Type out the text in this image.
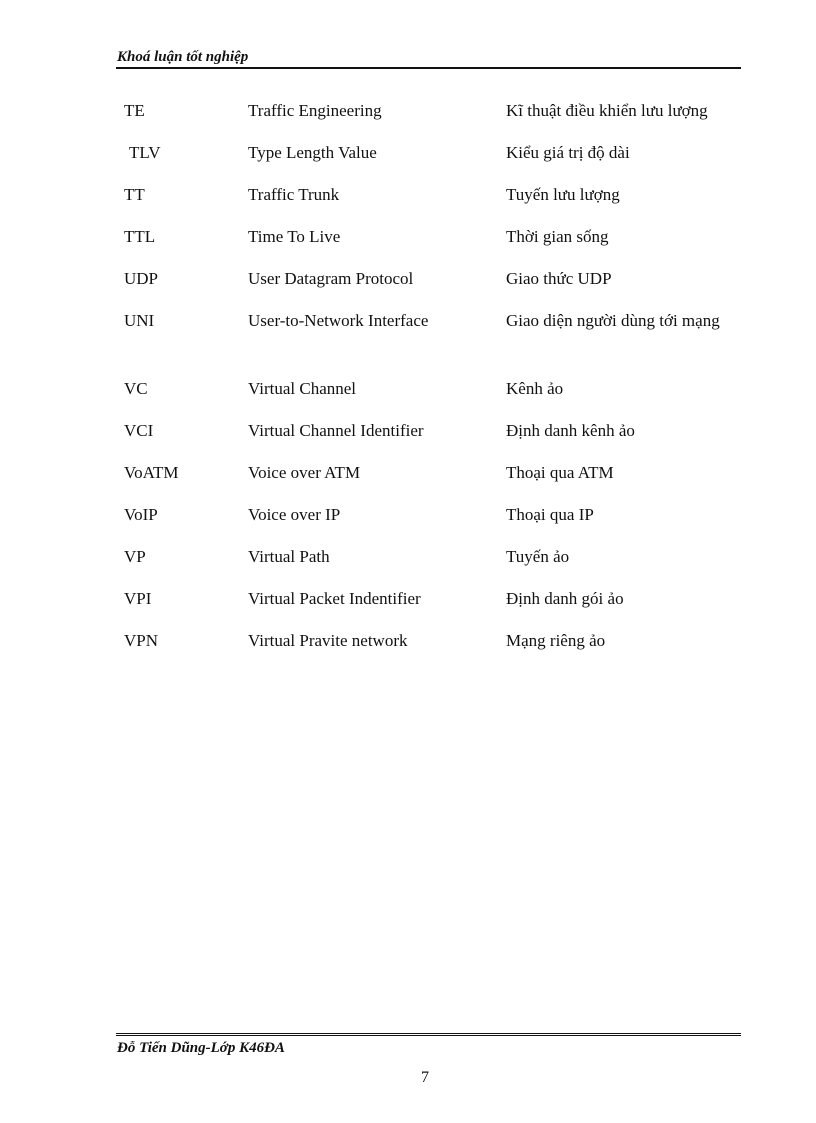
Khoá luận tốt nghiệp

TE	Traffic Engineering	Kĩ thuật điều khiển lưu lượng
TLV	Type Length Value	Kiểu giá trị độ dài
TT	Traffic Trunk	Tuyến lưu lượng
TTL	Time To Live	Thời gian sống
UDP	User Datagram Protocol	Giao thức UDP
UNI	User-to-Network Interface	Giao diện người dùng tới mạng
VC	Virtual Channel	Kênh ảo
VCI	Virtual Channel Identifier	Định danh kênh ảo
VoATM	Voice over ATM	Thoại qua ATM
VoIP	Voice over IP	Thoại qua IP
VP	Virtual Path	Tuyến ảo
VPI	Virtual Packet Indentifier	Định danh gói ảo
VPN	Virtual Pravite network	Mạng riêng ảo

Đỗ Tiến Dũng-Lớp K46ĐA

7
